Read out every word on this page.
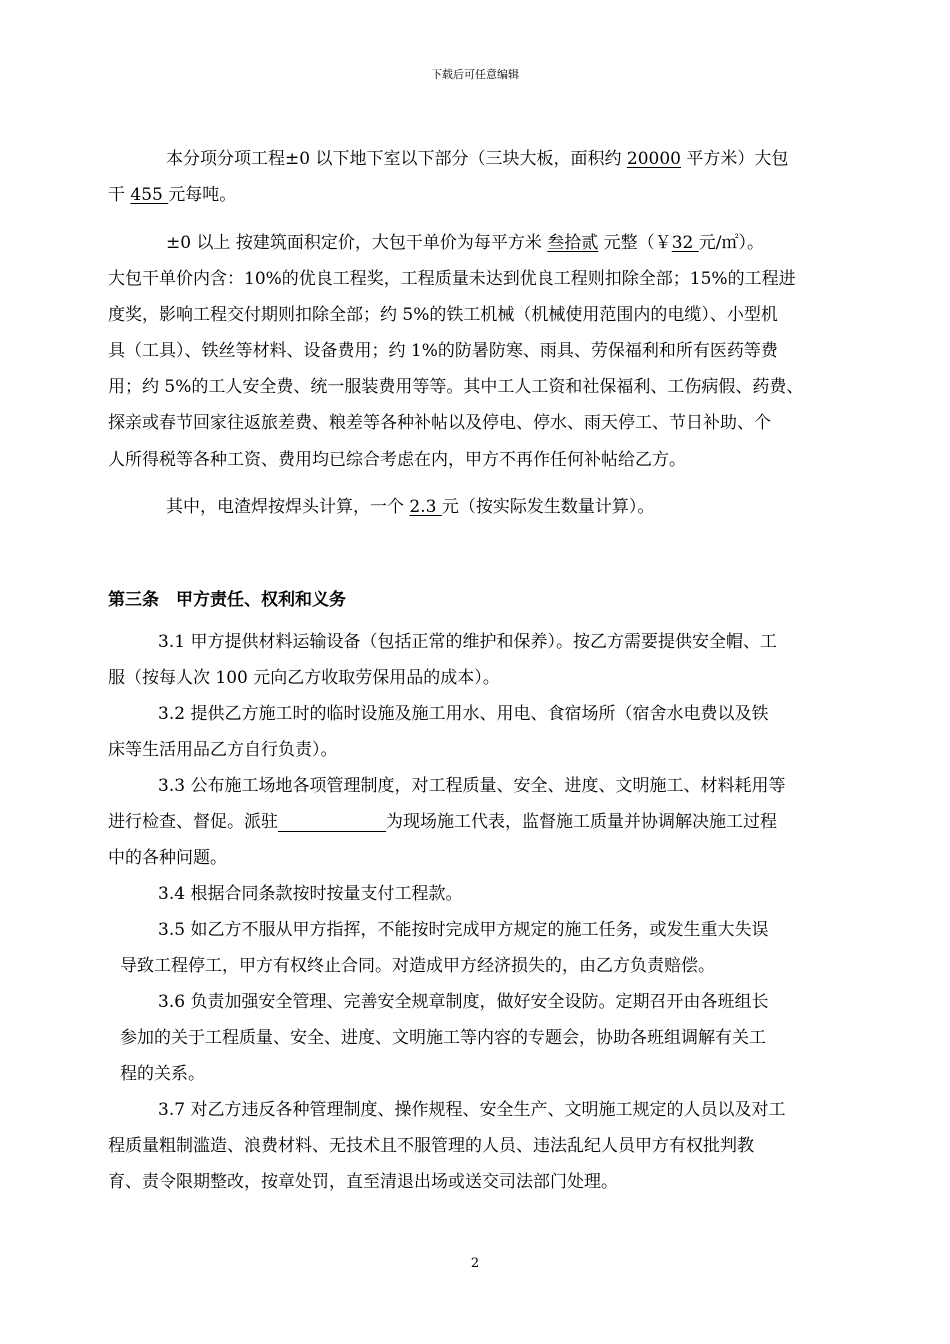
下载后可任意编辑
本分项分项工程±0 以下地下室以下部分（三块大板，面积约 20000 平方米）大包
干 455 元每吨。
±0 以上 按建筑面积定价，大包干单价为每平方米 叁拾贰 元整（￥32 元/㎡）。
大包干单价内含：10%的优良工程奖，工程质量未达到优良工程则扣除全部；15%的工程进
度奖，影响工程交付期则扣除全部；约 5%的铁工机械（机械使用范围内的电缆）、小型机
具（工具）、铁丝等材料、设备费用；约 1%的防暑防寒、雨具、劳保福利和所有医药等费
用；约 5%的工人安全费、统一服装费用等等。其中工人工资和社保福利、工伤病假、药费、
探亲或春节回家往返旅差费、粮差等各种补帖以及停电、停水、雨天停工、节日补助、个
人所得税等各种工资、费用均已综合考虑在内，甲方不再作任何补帖给乙方。
其中，电渣焊按焊头计算，一个 2.3 元（按实际发生数量计算）。
第三条　甲方责任、权利和义务
3.1 甲方提供材料运输设备（包括正常的维护和保养）。按乙方需要提供安全帽、工
服（按每人次 100 元向乙方收取劳保用品的成本）。
3.2 提供乙方施工时的临时设施及施工用水、用电、食宿场所（宿舍水电费以及铁
床等生活用品乙方自行负责）。
3.3 公布施工场地各项管理制度，对工程质量、安全、进度、文明施工、材料耗用等
进行检查、督促。派驻	为现场施工代表，监督施工质量并协调解决施工过程
中的各种问题。
3.4 根据合同条款按时按量支付工程款。
3.5 如乙方不服从甲方指挥，不能按时完成甲方规定的施工任务，或发生重大失误
导致工程停工，甲方有权终止合同。对造成甲方经济损失的，由乙方负责赔偿。
3.6 负责加强安全管理、完善安全规章制度，做好安全设防。定期召开由各班组长
参加的关于工程质量、安全、进度、文明施工等内容的专题会，协助各班组调解有关工
程的关系。
3.7 对乙方违反各种管理制度、操作规程、安全生产、文明施工规定的人员以及对工
程质量粗制滥造、浪费材料、无技术且不服管理的人员、违法乱纪人员甲方有权批判教
育、责令限期整改，按章处罚，直至清退出场或送交司法部门处理。
2
